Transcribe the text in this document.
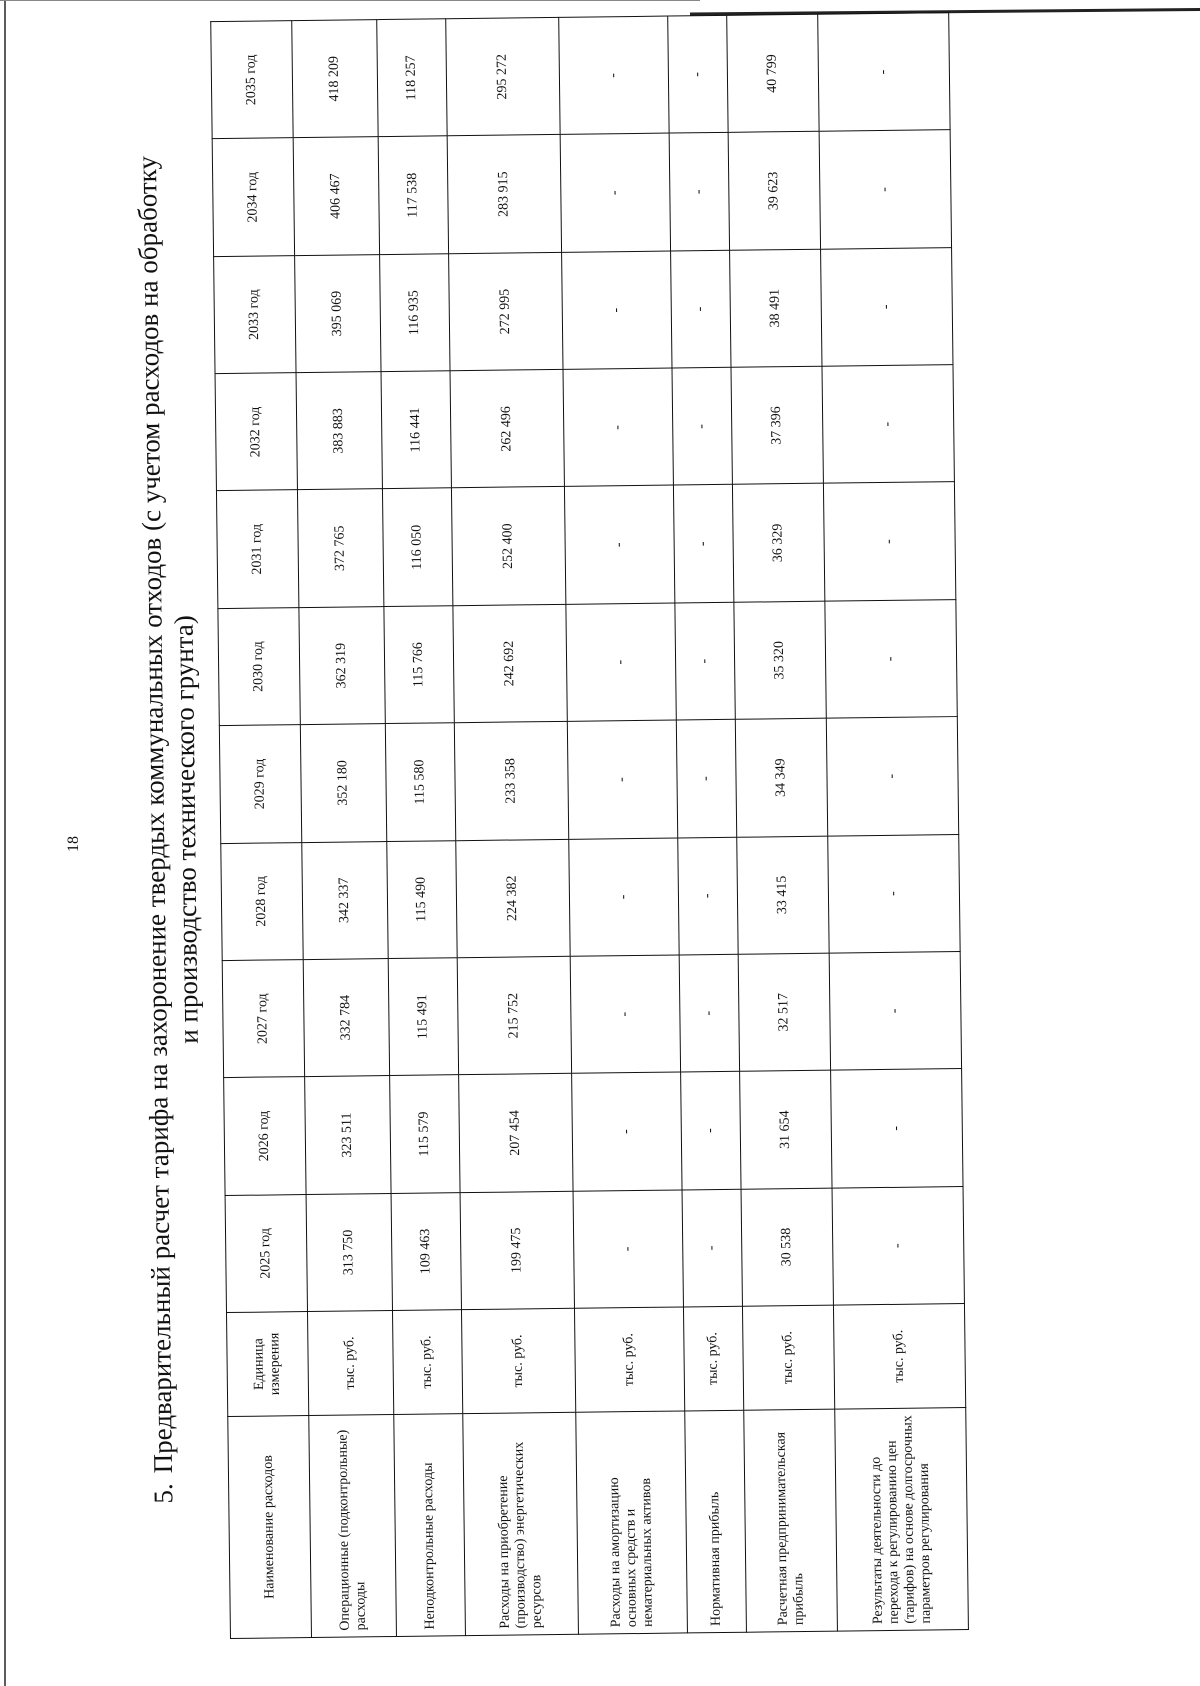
18
5.Предварительный расчет тарифа на захоронение твердых коммунальных отходов (с учетом расходов на обработку
и производство технического грунта)
Наименование расходов	Единица измерения	2025 год	2026 год	2027 год	2028 год	2029 год	2030 год	2031 год	2032 год	2033 год	2034 год	2035 год
Операционные (подконтрольные) расходы	тыс. руб.	313 750	323 511	332 784	342 337	352 180	362 319	372 765	383 883	395 069	406 467	418 209
Неподконтрольные расходы	тыс. руб.	109 463	115 579	115 491	115 490	115 580	115 766	116 050	116 441	116 935	117 538	118 257
Расходы на приобретение (производство) энергетических ресурсов	тыс. руб.	199 475	207 454	215 752	224 382	233 358	242 692	252 400	262 496	272 995	283 915	295 272
Расходы на амортизацию основных средств и нематериальных активов	тыс. руб.	-	-	-	-	-	-	-	-	-	-	-
Нормативная прибыль	тыс. руб.	-	-	-	-	-	-	-	-	-	-	-
Расчетная предпринимательская прибыль	тыс. руб.	30 538	31 654	32 517	33 415	34 349	35 320	36 329	37 396	38 491	39 623	40 799
Результаты деятельности до перехода к регулированию цен (тарифов) на основе долгосрочных параметров регулирования	тыс. руб.	-	-	-	-	-	-	-	-	-	-	-
